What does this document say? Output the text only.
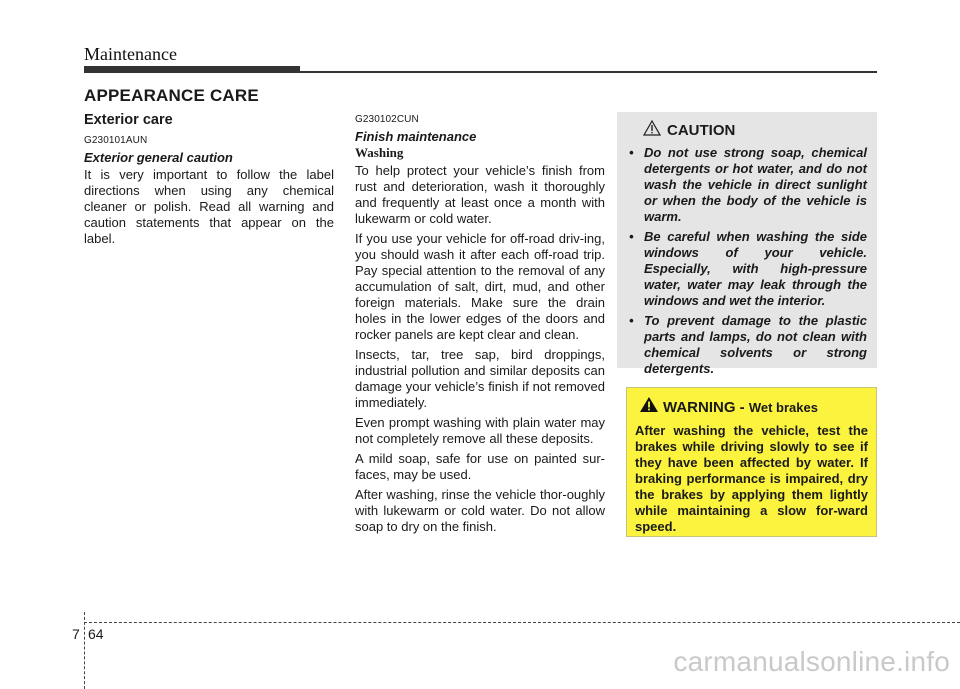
Maintenance
APPEARANCE CARE
Exterior care

G230101AUN

Exterior general caution

It is very important to follow the label directions when using any chemical cleaner or polish. Read all warning and caution statements that appear on the label.

G230102CUN

Finish maintenance

Washing

To help protect your vehicle’s finish from rust and deterioration, wash it thoroughly and frequently at least once a month with lukewarm or cold water.

If you use your vehicle for off-road driv-ing, you should wash it after each off-road trip. Pay special attention to the removal of any accumulation of salt, dirt, mud, and other foreign materials. Make sure the drain holes in the lower edges of the doors and rocker panels are kept clear and clean.

Insects, tar, tree sap, bird droppings, industrial pollution and similar deposits can damage your vehicle’s finish if not removed immediately.

Even prompt washing with plain water may not completely remove all these deposits.

A mild soap, safe for use on painted sur-faces, may be used.

After washing, rinse the vehicle thor-oughly with lukewarm or cold water. Do not allow soap to dry on the finish.

CAUTION
• Do not use strong soap, chemical detergents or hot water, and do not wash the vehicle in direct sunlight or when the body of the vehicle is warm.
• Be careful when washing the side windows of your vehicle. Especially, with high-pressure water, water may leak through the windows and wet the interior.
• To prevent damage to the plastic parts and lamps, do not clean with chemical solvents or strong detergents.
WARNING - Wet brakes

After washing the vehicle, test the brakes while driving slowly to see if they have been affected by water. If braking performance is impaired, dry the brakes by applying them lightly while maintaining a slow for-ward speed.

7 64
carmanualsonline.info
